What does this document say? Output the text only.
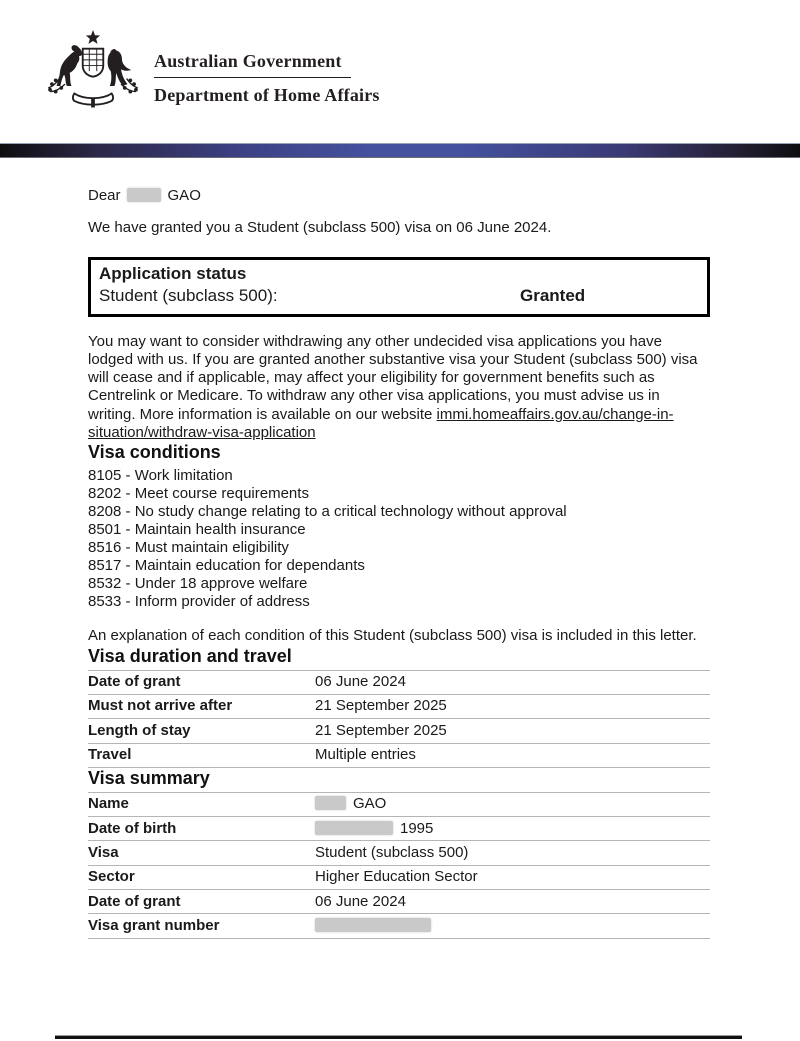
Australian Government
Department of Home Affairs

Dear	GAO

We have granted you a Student (subclass 500) visa on 06 June 2024.

Application status
Student (subclass 500):	Granted

You may want to consider withdrawing any other undecided visa applications you have lodged with us. If you are granted another substantive visa your Student (subclass 500) visa will cease and if applicable, may affect your eligibility for government benefits such as Centrelink or Medicare. To withdraw any other visa applications, you must advise us in writing. More information is available on our website immi.homeaffairs.gov.au/change-in-situation/withdraw-visa-application

Visa conditions
8105 - Work limitation
8202 - Meet course requirements
8208 - No study change relating to a critical technology without approval
8501 - Maintain health insurance
8516 - Must maintain eligibility
8517 - Maintain education for dependants
8532 - Under 18 approve welfare
8533 - Inform provider of address

An explanation of each condition of this Student (subclass 500) visa is included in this letter.

Visa duration and travel
Date of grant	06 June 2024
Must not arrive after	21 September 2025
Length of stay	21 September 2025
Travel	Multiple entries
Visa summary
Name	GAO
Date of birth	1995
Visa	Student (subclass 500)
Sector	Higher Education Sector
Date of grant	06 June 2024
Visa grant number
